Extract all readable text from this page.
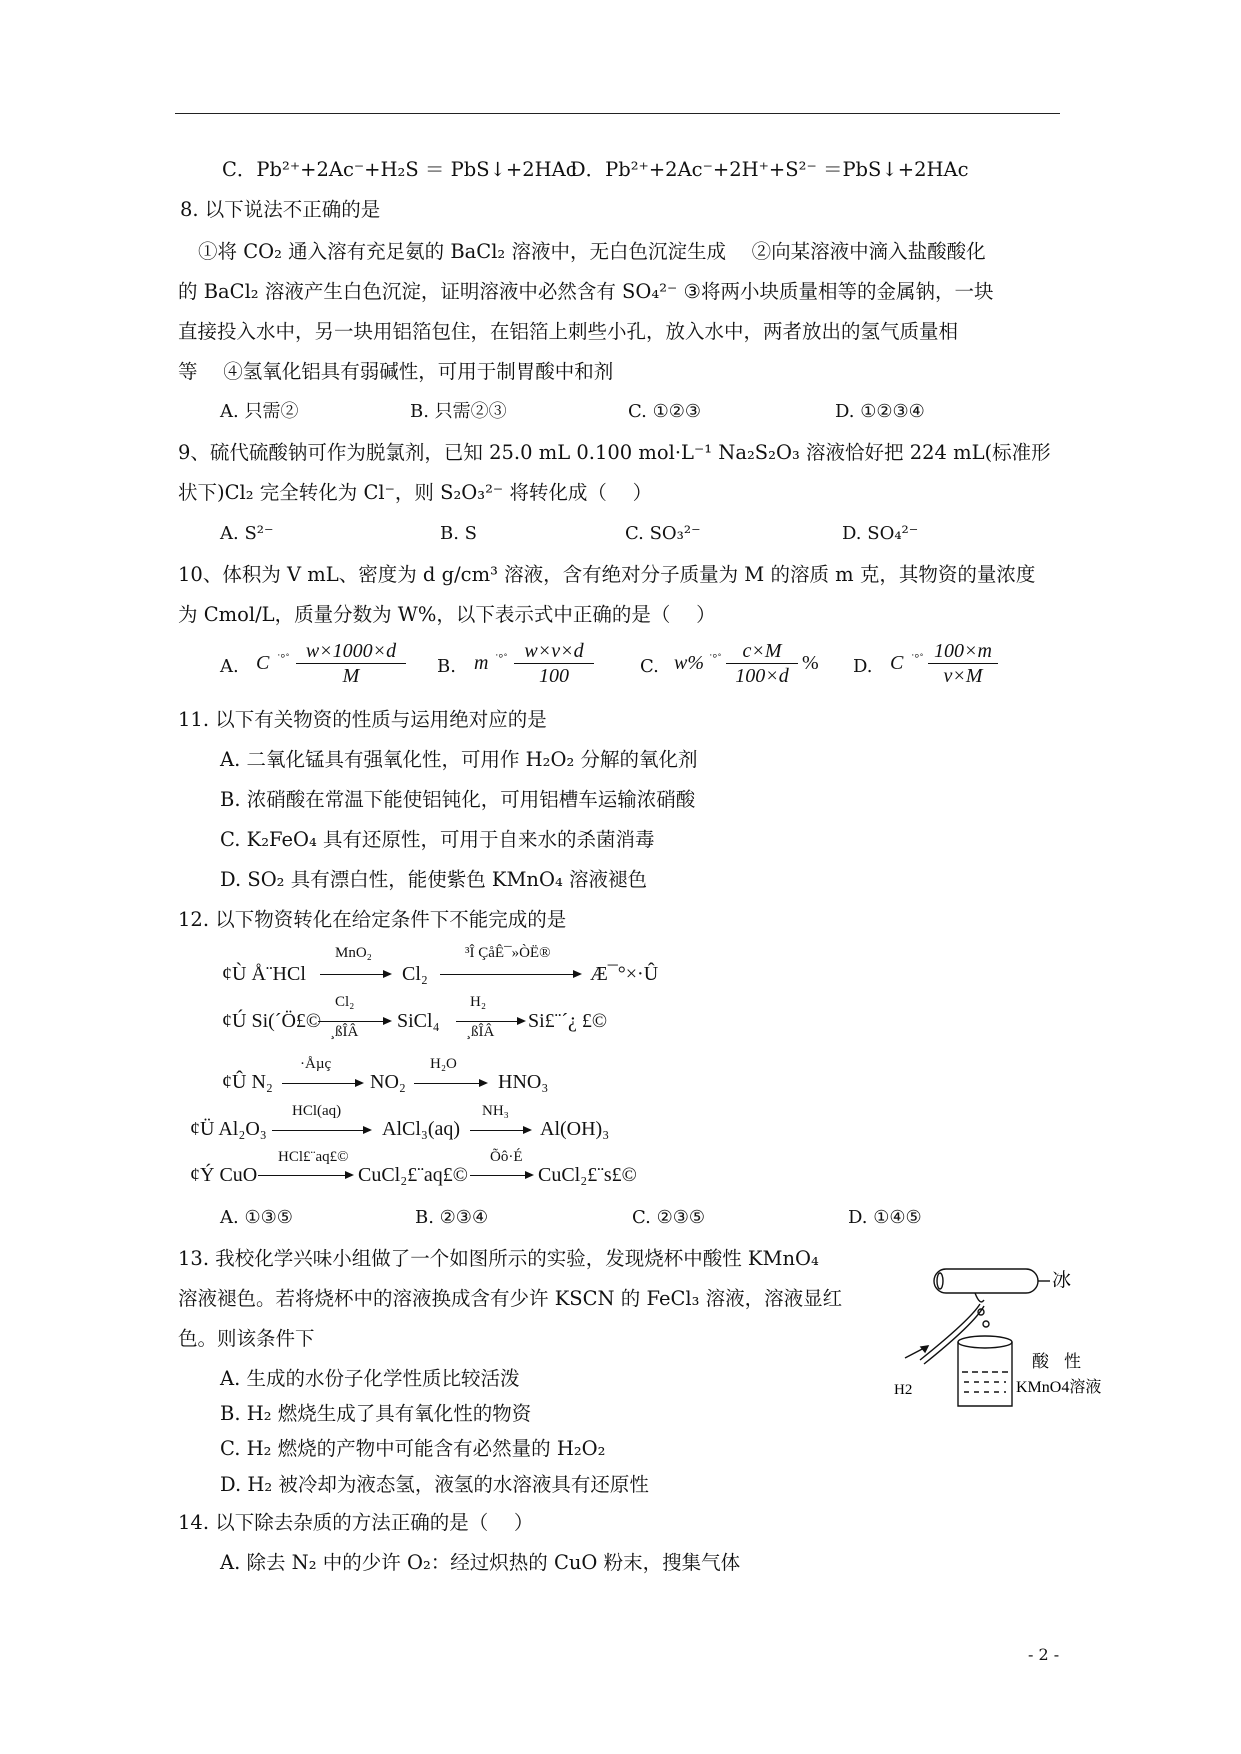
C．Pb²⁺+2Ac⁻+H₂S ＝ PbS↓+2HAc
D．Pb²⁺+2Ac⁻+2H⁺+S²⁻ ＝PbS↓+2HAc
8. 以下说法不正确的是
①将 CO₂ 通入溶有充足氨的 BaCl₂ 溶液中，无白色沉淀生成　 ②向某溶液中滴入盐酸酸化
的 BaCl₂ 溶液产生白色沉淀，证明溶液中必然含有 SO₄²⁻ ③将两小块质量相等的金属钠，一块
直接投入水中，另一块用铝箔包住，在铝箔上刺些小孔，放入水中，两者放出的氢气质量相
等　 ④氢氧化铝具有弱碱性，可用于制胃酸中和剂
A. 只需②	B. 只需②③	C. ①②③	D. ①②③④
9、硫代硫酸钠可作为脱氯剂，已知 25.0 mL 0.100 mol·L⁻¹ Na₂S₂O₃ 溶液恰好把 224 mL(标准形
状下)Cl₂ 完全转化为 Cl⁻，则 S₂O₃²⁻ 将转化成（　 ）
A. S²⁻	B. S	C. SO₃²⁻	D. SO₄²⁻
10、体积为 V mL、密度为 d g/cm³ 溶液，含有绝对分子质量为 M 的溶质 m 克，其物资的量浓度
为 Cmol/L，质量分数为 W%，以下表示式中正确的是（　 ）
A. C ˙°˚ w×1000×d
M	B. m ˙°˚ w×v×d
100	C. w% ˙°˚	c×M
100×d
% D. C ˙°˚ 100×m
v×M
11. 以下有关物资的性质与运用绝对应的是
A. 二氧化锰具有强氧化性，可用作 H₂O₂ 分解的氧化剂
B. 浓硝酸在常温下能使铝钝化，可用铝槽车运输浓硝酸
C. K₂FeO₄ 具有还原性，可用于自来水的杀菌消毒
D. SO₂ 具有漂白性，能使紫色 KMnO₄ 溶液褪色
12. 以下物资转化在给定条件下不能完成的是
¢Ù Å¨HCl
MnO₂
Cl₂
³Î ÇåÊ¯»ÒË®
Æ¯°×·Û
¢Ú Si(´Ö£©
Cl₂
¸ßÎÂ SiCl₄
H₂
¸ßÎÂ Si£¨´¿ £©
¢Û N₂
·Åµç
NO₂
H₂O
HNO₃
¢Ü Al₂O₃
HCl(aq)
AlCl₃(aq)
NH₃
Al(OH)₃
¢Ý CuO
HCl£¨aq£©
CuCl₂£¨aq£©
Õô·É
CuCl₂£¨s£©
A. ①③⑤	B. ②③④	C. ②③⑤	D. ①④⑤
13. 我校化学兴味小组做了一个如图所示的实验，发现烧杯中酸性 KMnO₄
溶液褪色。若将烧杯中的溶液换成含有少许 KSCN 的 FeCl₃ 溶液，溶液显红
色。则该条件下
A. 生成的水份子化学性质比较活泼
B. H₂ 燃烧生成了具有氧化性的物资
C. H₂ 燃烧的产物中可能含有必然量的 H₂O₂
D. H₂ 被冷却为液态氢，液氢的水溶液具有还原性
冰
酸 性
KMnO4溶液
H2
14. 以下除去杂质的方法正确的是（　 ）
A. 除去 N₂ 中的少许 O₂：经过炽热的 CuO 粉末，搜集气体
- 2 -
